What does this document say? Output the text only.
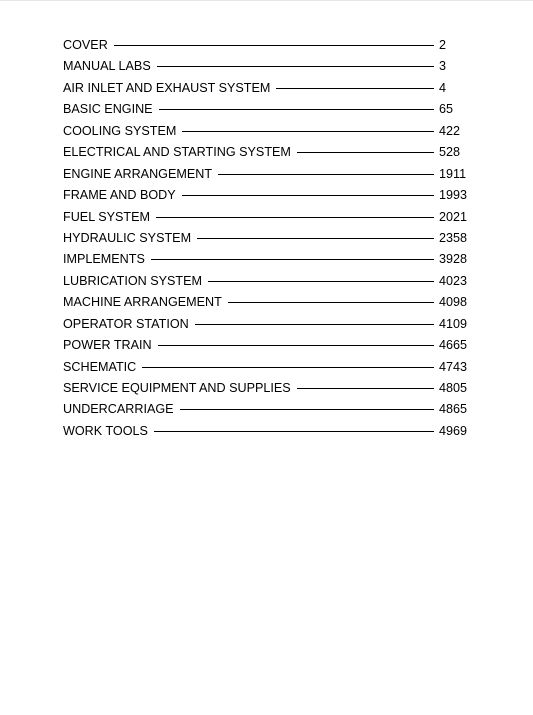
COVER	2
MANUAL LABS	3
AIR INLET AND EXHAUST SYSTEM	4
BASIC ENGINE	65
COOLING SYSTEM	422
ELECTRICAL AND STARTING SYSTEM	528
ENGINE ARRANGEMENT	1911
FRAME AND BODY	1993
FUEL SYSTEM	2021
HYDRAULIC SYSTEM	2358
IMPLEMENTS	3928
LUBRICATION SYSTEM	4023
MACHINE ARRANGEMENT	4098
OPERATOR STATION	4109
POWER TRAIN	4665
SCHEMATIC	4743
SERVICE EQUIPMENT AND SUPPLIES	4805
UNDERCARRIAGE	4865
WORK TOOLS	4969
